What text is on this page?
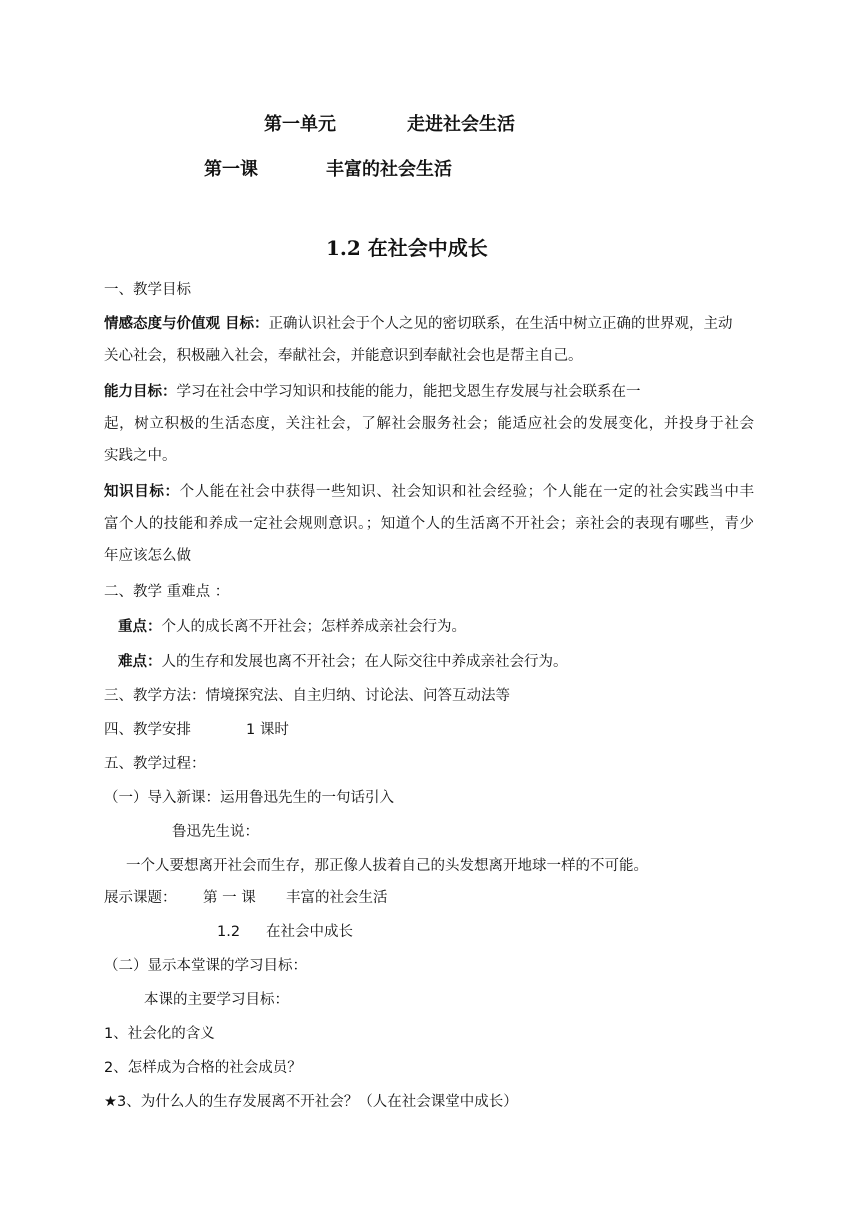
第一单元	走进社会生活
第一课	丰富的社会生活
1.2 在社会中成长
一、教学目标
情感态度与价值观 目标：正确认识社会于个人之见的密切联系，在生活中树立正确的世界观，主动
关心社会，积极融入社会，奉献社会，并能意识到奉献社会也是帮主自己。
能力目标：学习在社会中学习知识和技能的能力，能把戈恩生存发展与社会联系在一
起，树立积极的生活态度，关注社会，了解社会服务社会；能适应社会的发展变化，并投身于社会
实践之中。
知识目标：个人能在社会中获得一些知识、社会知识和社会经验；个人能在一定的社会实践当中丰
富个人的技能和养成一定社会规则意识。；知道个人的生活离不开社会；亲社会的表现有哪些，青少
年应该怎么做
二、教学 重难点 ：
重点：个人的成长离不开社会；怎样养成亲社会行为。
难点：人的生存和发展也离不开社会；在人际交往中养成亲社会行为。
三、教学方法：情境探究法、自主归纳、讨论法、问答互动法等
四、教学安排	1 课时
五、教学过程：
（一）导入新课：运用鲁迅先生的一句话引入
鲁迅先生说：
一个人要想离开社会而生存，那正像人拔着自己的头发想离开地球一样的不可能。
展示课题： 第 一 课 丰富的社会生活
1.2 在社会中成长
（二）显示本堂课的学习目标：
本课的主要学习目标：
1、社会化的含义
2、怎样成为合格的社会成员？
★3、为什么人的生存发展离不开社会？（人在社会课堂中成长）
